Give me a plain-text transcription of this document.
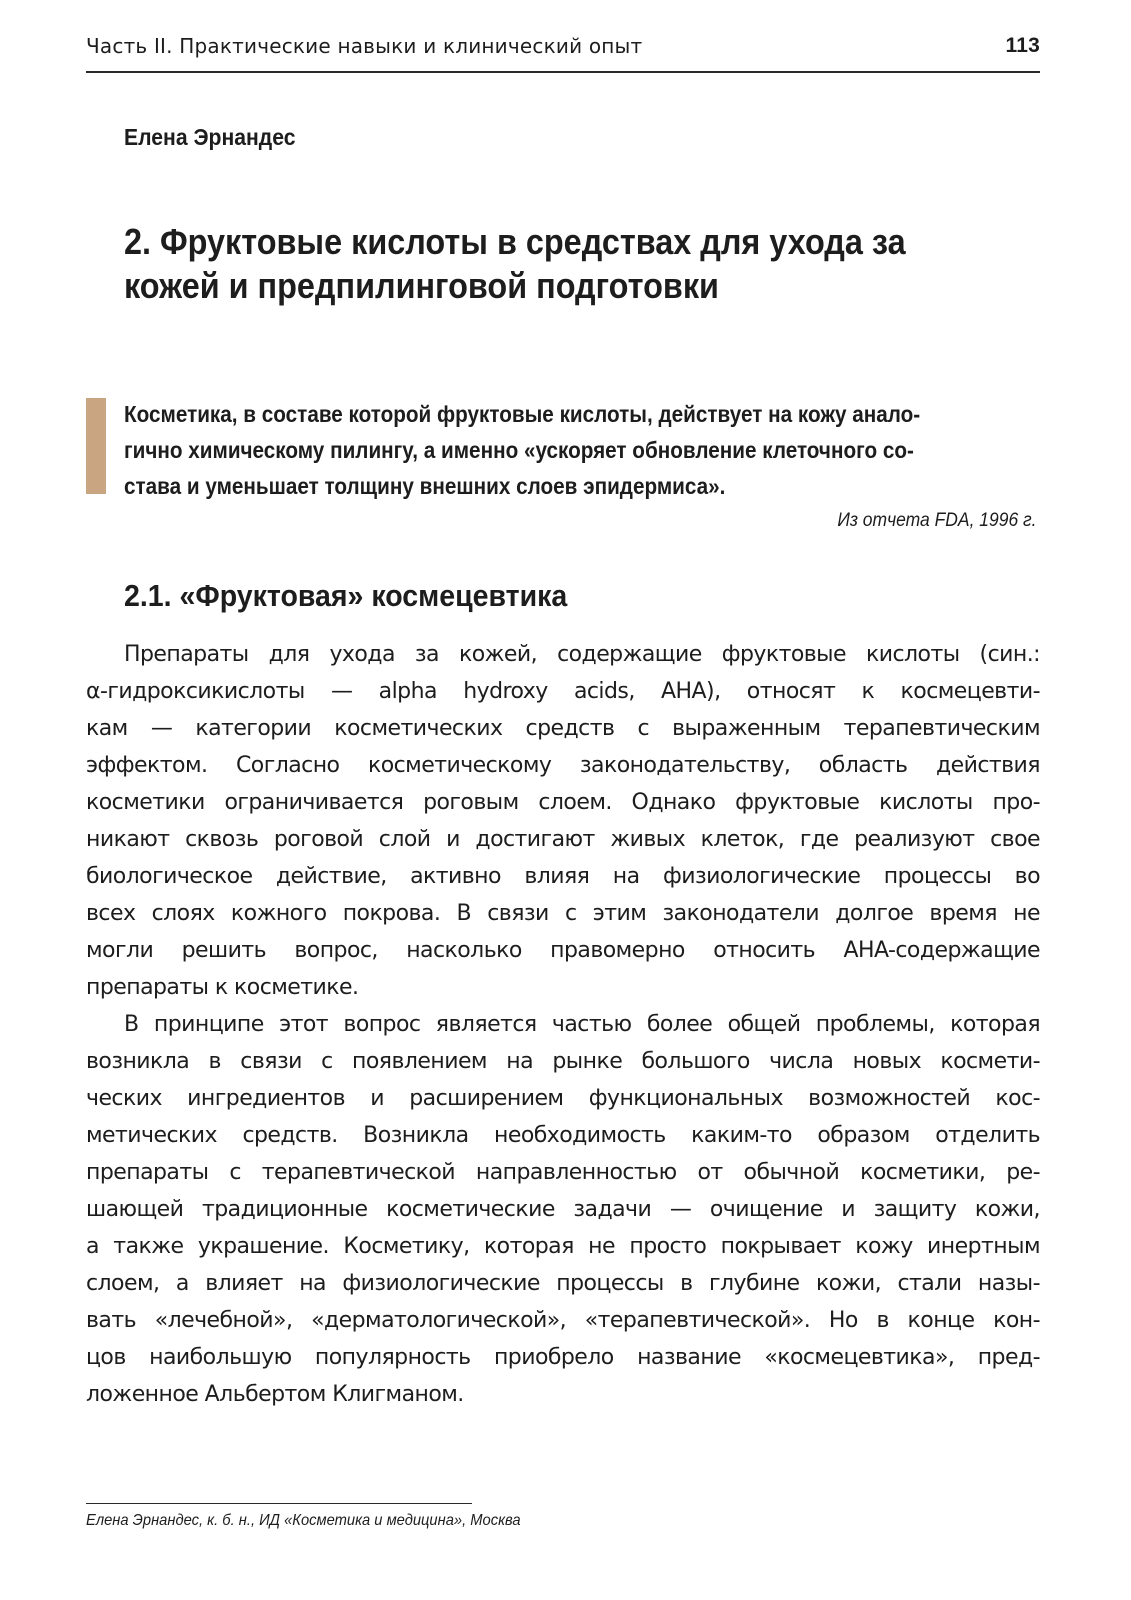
Часть II. Практические навыки и клинический опыт	113
Елена Эрнандес
2. Фруктовые кислоты в средствах для ухода за
кожей и предпилинговой подготовки
Косметика, в составе которой фруктовые кислоты, действует на кожу анало-
гично химическому пилингу, а именно «ускоряет обновление клеточного со-
става и уменьшает толщину внешних слоев эпидермиса».
Из отчета FDA, 1996 г.
2.1. «Фруктовая» космецевтика
Препараты для ухода за кожей, содержащие фруктовые кислоты (син.:
α-гидроксикислоты — alpha hydroxy acids, AHA), относят к космецевти-
кам — категории косметических средств с выраженным терапевтическим
эффектом. Согласно косметическому законодательству, область действия
косметики ограничивается роговым слоем. Однако фруктовые кислоты про-
никают сквозь роговой слой и достигают живых клеток, где реализуют свое
биологическое действие, активно влияя на физиологические процессы во
всех слоях кожного покрова. В связи с этим законодатели долгое время не
могли решить вопрос, насколько правомерно относить AHA-содержащие
препараты к косметике.
В принципе этот вопрос является частью более общей проблемы, которая
возникла в связи с появлением на рынке большого числа новых космети-
ческих ингредиентов и расширением функциональных возможностей кос-
метических средств. Возникла необходимость каким-то образом отделить
препараты с терапевтической направленностью от обычной косметики, ре-
шающей традиционные косметические задачи — очищение и защиту кожи,
а также украшение. Косметику, которая не просто покрывает кожу инертным
слоем, а влияет на физиологические процессы в глубине кожи, стали назы-
вать «лечебной», «дерматологической», «терапевтической». Но в конце кон-
цов наибольшую популярность приобрело название «космецевтика», пред-
ложенное Альбертом Клигманом.
Елена Эрнандес, к. б. н., ИД «Косметика и медицина», Москва
